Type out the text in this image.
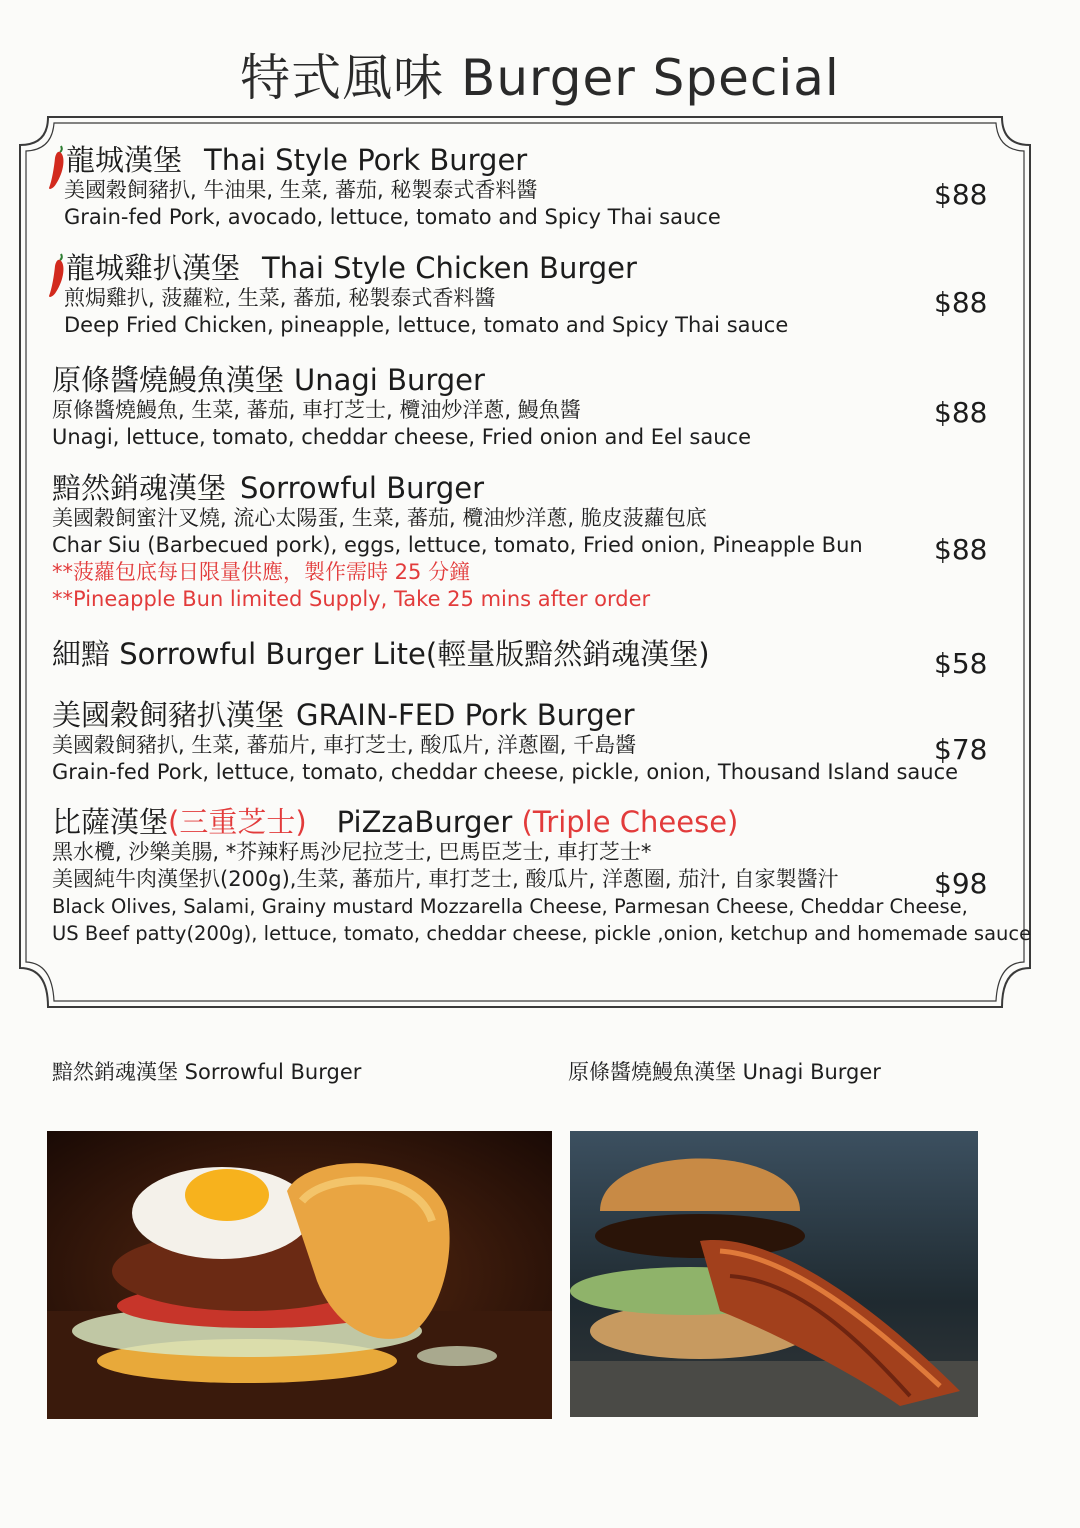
特式風味 Burger Special
龍城漢堡 Thai Style Pork Burger
美國穀飼豬扒, 牛油果, 生菜, 蕃茄, 秘製泰式香料醬
Grain-fed Pork, avocado, lettuce, tomato and Spicy Thai sauce
$88
龍城雞扒漢堡 Thai Style Chicken Burger
煎焗雞扒, 菠蘿粒, 生菜, 蕃茄, 秘製泰式香料醬
Deep Fried Chicken, pineapple, lettuce, tomato and Spicy Thai sauce
$88
原條醬燒鰻魚漢堡 Unagi Burger
原條醬燒鰻魚, 生菜, 蕃茄, 車打芝士, 欖油炒洋蔥, 鰻魚醬
Unagi, lettuce, tomato, cheddar cheese, Fried onion and Eel sauce
$88
黯然銷魂漢堡 Sorrowful Burger
美國穀飼蜜汁叉燒, 流心太陽蛋, 生菜, 蕃茄, 欖油炒洋蔥, 脆皮菠蘿包底
Char Siu (Barbecued pork), eggs, lettuce, tomato, Fried onion, Pineapple Bun
**菠蘿包底每日限量供應，製作需時 25 分鐘
**Pineapple Bun limited Supply, Take 25 mins after order
$88
細黯 Sorrowful Burger Lite(輕量版黯然銷魂漢堡)	$58
美國穀飼豬扒漢堡 GRAIN-FED Pork Burger
美國穀飼豬扒, 生菜, 蕃茄片, 車打芝士, 酸瓜片, 洋蔥圈, 千島醬
Grain-fed Pork, lettuce, tomato, cheddar cheese, pickle, onion, Thousand Island sauce
$78
比薩漢堡(三重芝士) PiZzaBurger (Triple Cheese)
黑水欖, 沙樂美腸, *芥辣籽馬沙尼拉芝士, 巴馬臣芝士, 車打芝士*
美國純牛肉漢堡扒(200g),生菜, 蕃茄片, 車打芝士, 酸瓜片, 洋蔥圈, 茄汁, 自家製醬汁
Black Olives, Salami, Grainy mustard Mozzarella Cheese, Parmesan Cheese, Cheddar Cheese,
US Beef patty(200g), lettuce, tomato, cheddar cheese, pickle ,onion, ketchup and homemade sauce
$98
黯然銷魂漢堡 Sorrowful Burger	原條醬燒鰻魚漢堡 Unagi Burger
